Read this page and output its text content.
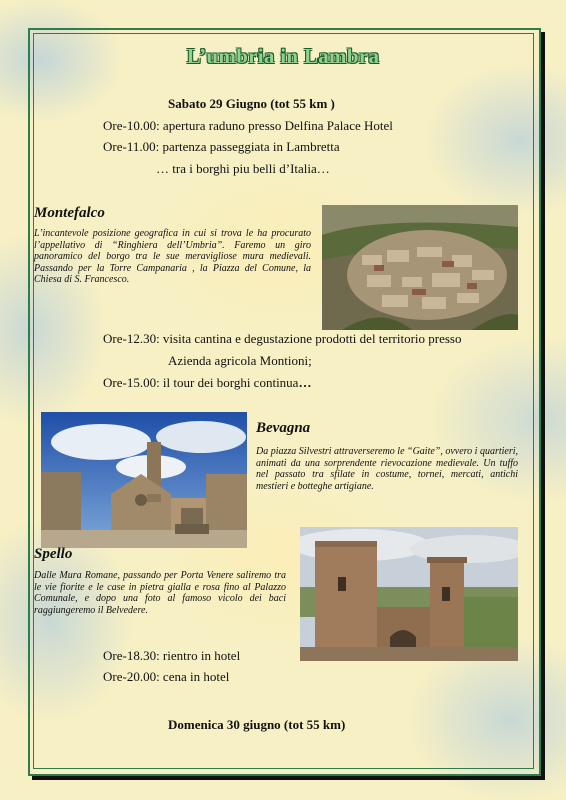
L’umbria in Lambra
Sabato 29 Giugno (tot 55 km )
Ore-10.00: apertura raduno presso Delfina Palace Hotel
Ore-11.00: partenza passeggiata in Lambretta
… tra i borghi piu belli d’Italia…
Montefalco
L’incantevole posizione geografica in cui si trova le ha procurato l’appellativo di “Ringhiera dell’Umbria”. Faremo un giro panoramico del borgo tra le sue meravigliose mura medievali. Passando per la Torre Campanaria , la Piazza del Comune, la Chiesa di S. Francesco.
Ore-12.30: visita cantina e degustazione prodotti del territorio presso
Azienda agricola Montioni;
Ore-15.00: il tour dei borghi continua…
Bevagna
Da piazza Silvestri attraverseremo le “Gaite”, ovvero i quartieri, animati da una sorprendente rievocazione medievale. Un tuffo nel passato tra sfilate in costume, tornei, mercati, antichi mestieri e botteghe artigiane.
Spello
Dalle Mura Romane, passando per Porta Venere saliremo tra le vie fiorite e le case in pietra gialla e rosa fino al Palazzo Comunale, e dopo una foto al famoso vicolo dei baci raggiungeremo il Belvedere.
Ore-18.30: rientro in hotel
Ore-20.00: cena in hotel
Domenica 30 giugno (tot 55 km)
